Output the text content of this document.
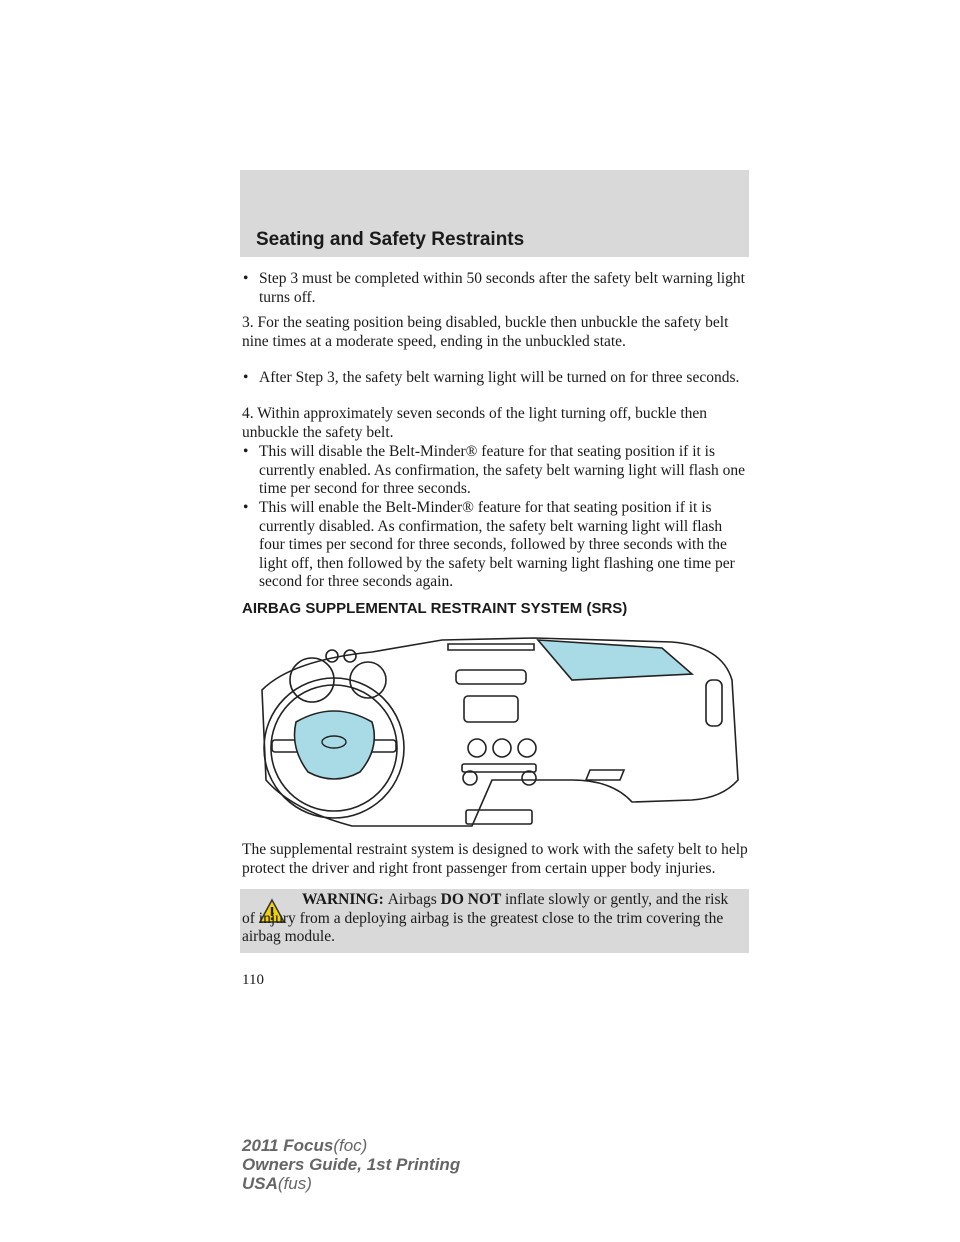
Seating and Safety Restraints
• Step 3 must be completed within 50 seconds after the safety belt warning light turns off.
3. For the seating position being disabled, buckle then unbuckle the safety belt nine times at a moderate speed, ending in the unbuckled state.
• After Step 3, the safety belt warning light will be turned on for three seconds.
4. Within approximately seven seconds of the light turning off, buckle then unbuckle the safety belt.
• This will disable the Belt-Minder® feature for that seating position if it is currently enabled. As confirmation, the safety belt warning light will flash one time per second for three seconds.
• This will enable the Belt-Minder® feature for that seating position if it is currently disabled. As confirmation, the safety belt warning light will flash four times per second for three seconds, followed by three seconds with the light off, then followed by the safety belt warning light flashing one time per second for three seconds again.
AIRBAG SUPPLEMENTAL RESTRAINT SYSTEM (SRS)
The supplemental restraint system is designed to work with the safety belt to help protect the driver and right front passenger from certain upper body injuries.
WARNING: Airbags DO NOT inflate slowly or gently, and the risk of injury from a deploying airbag is the greatest close to the trim covering the airbag module.
110
2011 Focus(foc)
Owners Guide, 1st Printing
USA(fus)
